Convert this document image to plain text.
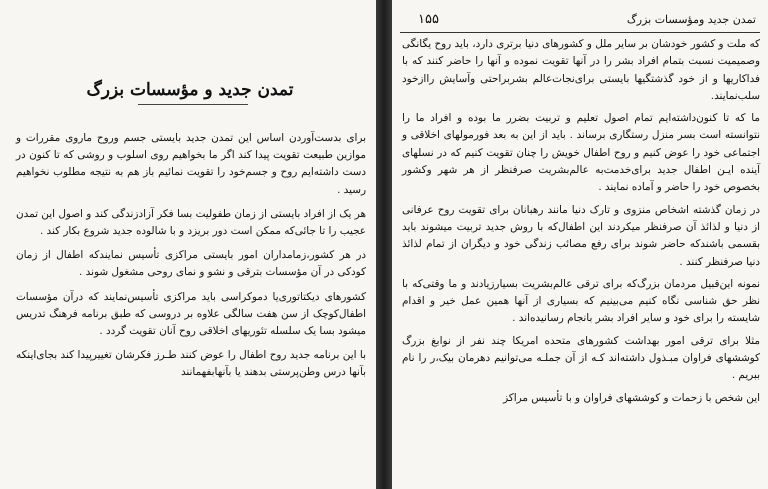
تمدن جدید و مؤسسات بزرگ

برای بدست‌آوردن اساس این تمدن جدید بایستی جسم وروح ماروی مقررات و موازین طبیعت تقویت پیدا کند اگر ما بخواهیم روی اسلوب و روشی که تا کنون در دست داشته‌ایم روح و جسم‌خود را تقویت نمائیم باز هم به نتیجه مطلوب نخواهیم رسید .

هر یک از افراد بایستی از زمان طفولیت بسا فکر آزادزندگی کند و اصول این تمدن عجیب را تا جائی‌که ممکن است دور بریزد و با شالوده جدید شروع بکار کند .

در هر کشور،زمامداران امور بایستی مراکزی تأسیس نمایند‌که اطفال از زمان کودکی در آن مؤسسات بترقی و نشو و نمای روحی مشغول شوند .

کشورهای دیکتاتوری‌یا دموکراسی باید مراکزی تأسیس‌نمایند که در‌آن مؤسسات اطفال‌کوچک از سن هفت سالگی علاوه بر دروسی که طبق برنامه فرهنگ تدریس میشود بسا یک سلسله تئوریهای اخلاقی روح آنان تقویت گردد .

با این برنامه جدید روح اطفال را عوض کنند طـرز فکرشان تغییرپیدا کند بجای‌اینکه بآنها درس وطن‌پرستی بدهند یا بآنها‌بفهمانند

۱۵۵	تمدن جدید ومؤسسات بزرگ

که ملت و کشور خودشان بر سایر ملل و کشورهای دنیا برتری دارد، باید روح یگانگی وصمیمیت نسبت بتمام افراد بشر را در آنها تقویت نموده و آنها را حاضر کنند که با فداکاریها و از خود گذشتگیها بایستی برای‌نجات‌عالم بشربراحتی وآسایش راازخود سلب‌نمایند.

ما که تا کنون‌داشته‌ایم تمام اصول تعلیم و تربیت بضرر ما بوده و افراد ما را نتوانسته است بسر منزل رستگاری برساند . باید از این به بعد فورمولهای اخلاقی و اجتماعی خود را عوض کنیم و روح اطفال خویش را چنان تقویت کنیم که در نسلهای آینده ایـن اطفال جدید برای‌خدمت‌به عالم‌بشریت صرفنظر از هر شهر وکشور بخصوص خود را حاضر و آماده نمایند .

در زمان گذشته اشخاص منزوی و تارک دنیا مانند رهبانان برای تقویت روح عرفانی از دنیا و لذائذ آن صرفنظر میکردند این اطفال‌که با روش جدید تربیت میشوند باید بقسمی باشند‌که حاضر شوند برای رفع مصائب زندگی خود و دیگران از تمام لذائذ دنیا صرفنظر کنند .

نمونه این‌قبیل مردمان بزرگ‌که برای ترقی عالم‌بشریت بسیارزیادند و ما وقتی‌که با نظر حق شناسی نگاه کنیم می‌بینیم که بسیاری از آنها همین عمل خیر و اقدام شایسته را برای خود و سایر افراد بشر بانجام رسانیده‌اند .

مثلا برای ترقی امور بهداشت کشورهای متحده امریکا چند نفر از نوابغ بزرگ کوششهای فراوان مبـذول داشته‌اند کـه از آن جملـه می‌توانیم دهرمان بیک،ر را نام ببریم .

این شخص با زحمات و کوششهای فراوان و با تأسیس مراکز
